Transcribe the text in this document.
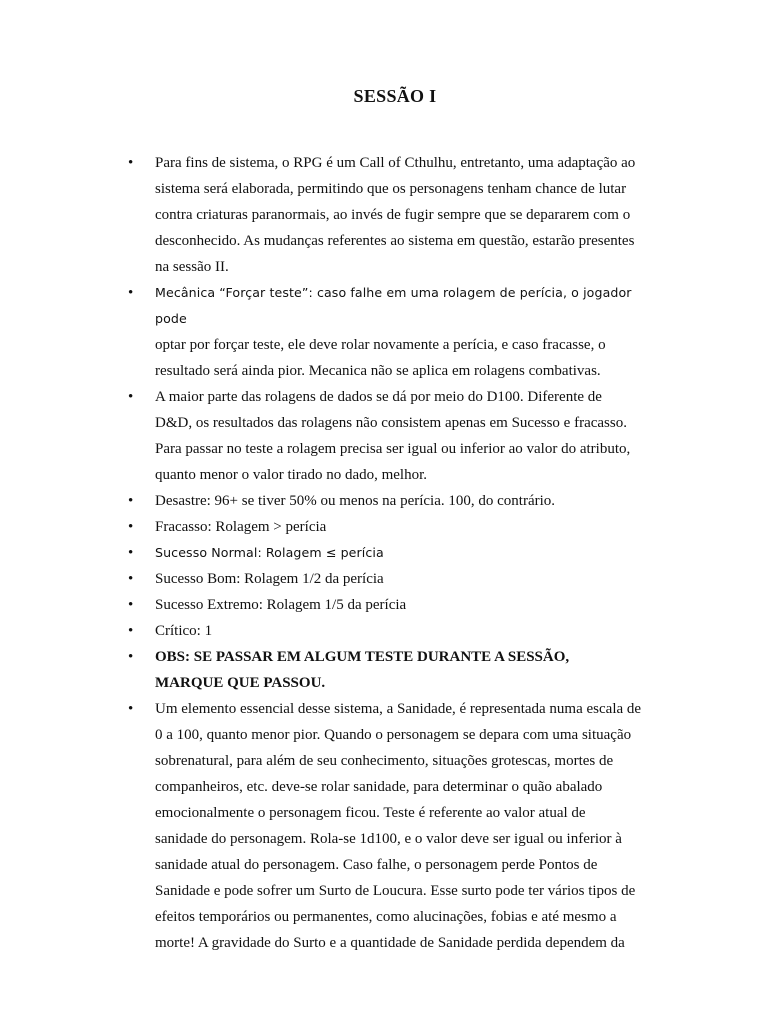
SESSÃO I
• Para fins de sistema, o RPG é um Call of Cthulhu, entretanto, uma adaptação ao
sistema será elaborada, permitindo que os personagens tenham chance de lutar
contra criaturas paranormais, ao invés de fugir sempre que se depararem com o
desconhecido. As mudanças referentes ao sistema em questão, estarão presentes
na sessão II.
• Mecânica “Forçar teste”: caso falhe em uma rolagem de perícia, o jogador pode
optar por forçar teste, ele deve rolar novamente a perícia, e caso fracasse, o
resultado será ainda pior. Mecanica não se aplica em rolagens combativas.
• A maior parte das rolagens de dados se dá por meio do D100. Diferente de
D&D, os resultados das rolagens não consistem apenas em Sucesso e fracasso.
Para passar no teste a rolagem precisa ser igual ou inferior ao valor do atributo,
quanto menor o valor tirado no dado, melhor.
• Desastre: 96+ se tiver 50% ou menos na perícia. 100, do contrário.
• Fracasso: Rolagem > perícia
• Sucesso Normal: Rolagem ≤ perícia
• Sucesso Bom: Rolagem 1/2 da perícia
• Sucesso Extremo: Rolagem 1/5 da perícia
• Crítico: 1
• OBS: SE PASSAR EM ALGUM TESTE DURANTE A SESSÃO,
MARQUE QUE PASSOU.
• Um elemento essencial desse sistema, a Sanidade, é representada numa escala de
0 a 100, quanto menor pior. Quando o personagem se depara com uma situação
sobrenatural, para além de seu conhecimento, situações grotescas, mortes de
companheiros, etc. deve-se rolar sanidade, para determinar o quão abalado
emocionalmente o personagem ficou. Teste é referente ao valor atual de
sanidade do personagem. Rola-se 1d100, e o valor deve ser igual ou inferior à
sanidade atual do personagem. Caso falhe, o personagem perde Pontos de
Sanidade e pode sofrer um Surto de Loucura. Esse surto pode ter vários tipos de
efeitos temporários ou permanentes, como alucinações, fobias e até mesmo a
morte! A gravidade do Surto e a quantidade de Sanidade perdida dependem da
